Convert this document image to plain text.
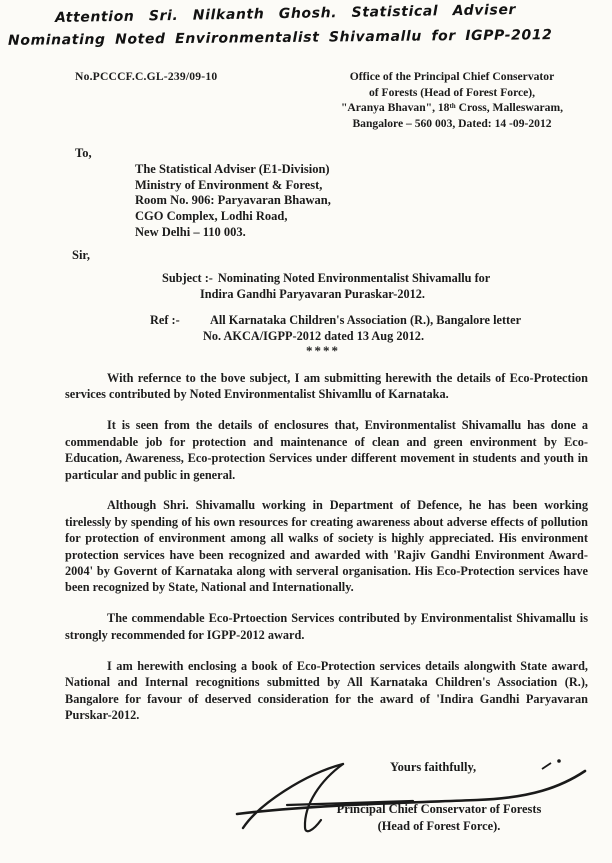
Attention Sri. Nilkanth Ghosh. Statistical Adviser
Nominating Noted Environmentalist Shivamallu for IGPP-2012
No.PCCCF.C.GL-239/09-10	Office of the Principal Chief Conservator
of Forests (Head of Forest Force),
"Aranya Bhavan", 18ᵗʰ Cross, Malleswaram,
Bangalore – 560 003, Dated: 14 -09-2012
To,
The Statistical Adviser (E1-Division)
Ministry of Environment & Forest,
Room No. 906: Paryavaran Bhawan,
CGO Complex, Lodhi Road,
New Delhi – 110 003.
Sir,
Subject :- Nominating Noted Environmentalist Shivamallu for
Indira Gandhi Paryavaran Puraskar-2012.
Ref :- All Karnataka Children's Association (R.), Bangalore letter
No. AKCA/IGPP-2012 dated 13 Aug 2012.
****

With refernce to the bove subject, I am submitting herewith the details of Eco-Protection services contributed by Noted Environmentalist Shivamllu of Karnataka.

It is seen from the details of enclosures that, Environmentalist Shivamallu has done a commendable job for protection and maintenance of clean and green environment by Eco-Education, Awareness, Eco-protection Services under different movement in students and youth in particular and public in general.

Although Shri. Shivamallu working in Department of Defence, he has been working tirelessly by spending of his own resources for creating awareness about adverse effects of pollution for protection of environment among all walks of society is highly appreciated. His environment protection services have been recognized and awarded with 'Rajiv Gandhi Environment Award-2004' by Governt of Karnataka along with serveral organisation. His Eco-Protection services have been recognized by State, National and Internationally.

The commendable Eco-Prtoection Services contributed by Environmentalist Shivamallu is strongly recommended for IGPP-2012 award.

I am herewith enclosing a book of Eco-Protection services details alongwith State award, National and Internal recognitions submitted by All Karnataka Children's Association (R.), Bangalore for favour of deserved consideration for the award of 'Indira Gandhi Paryavaran Purskar-2012.

Yours faithfully,
Principal Chief Conservator of Forests
(Head of Forest Force).
